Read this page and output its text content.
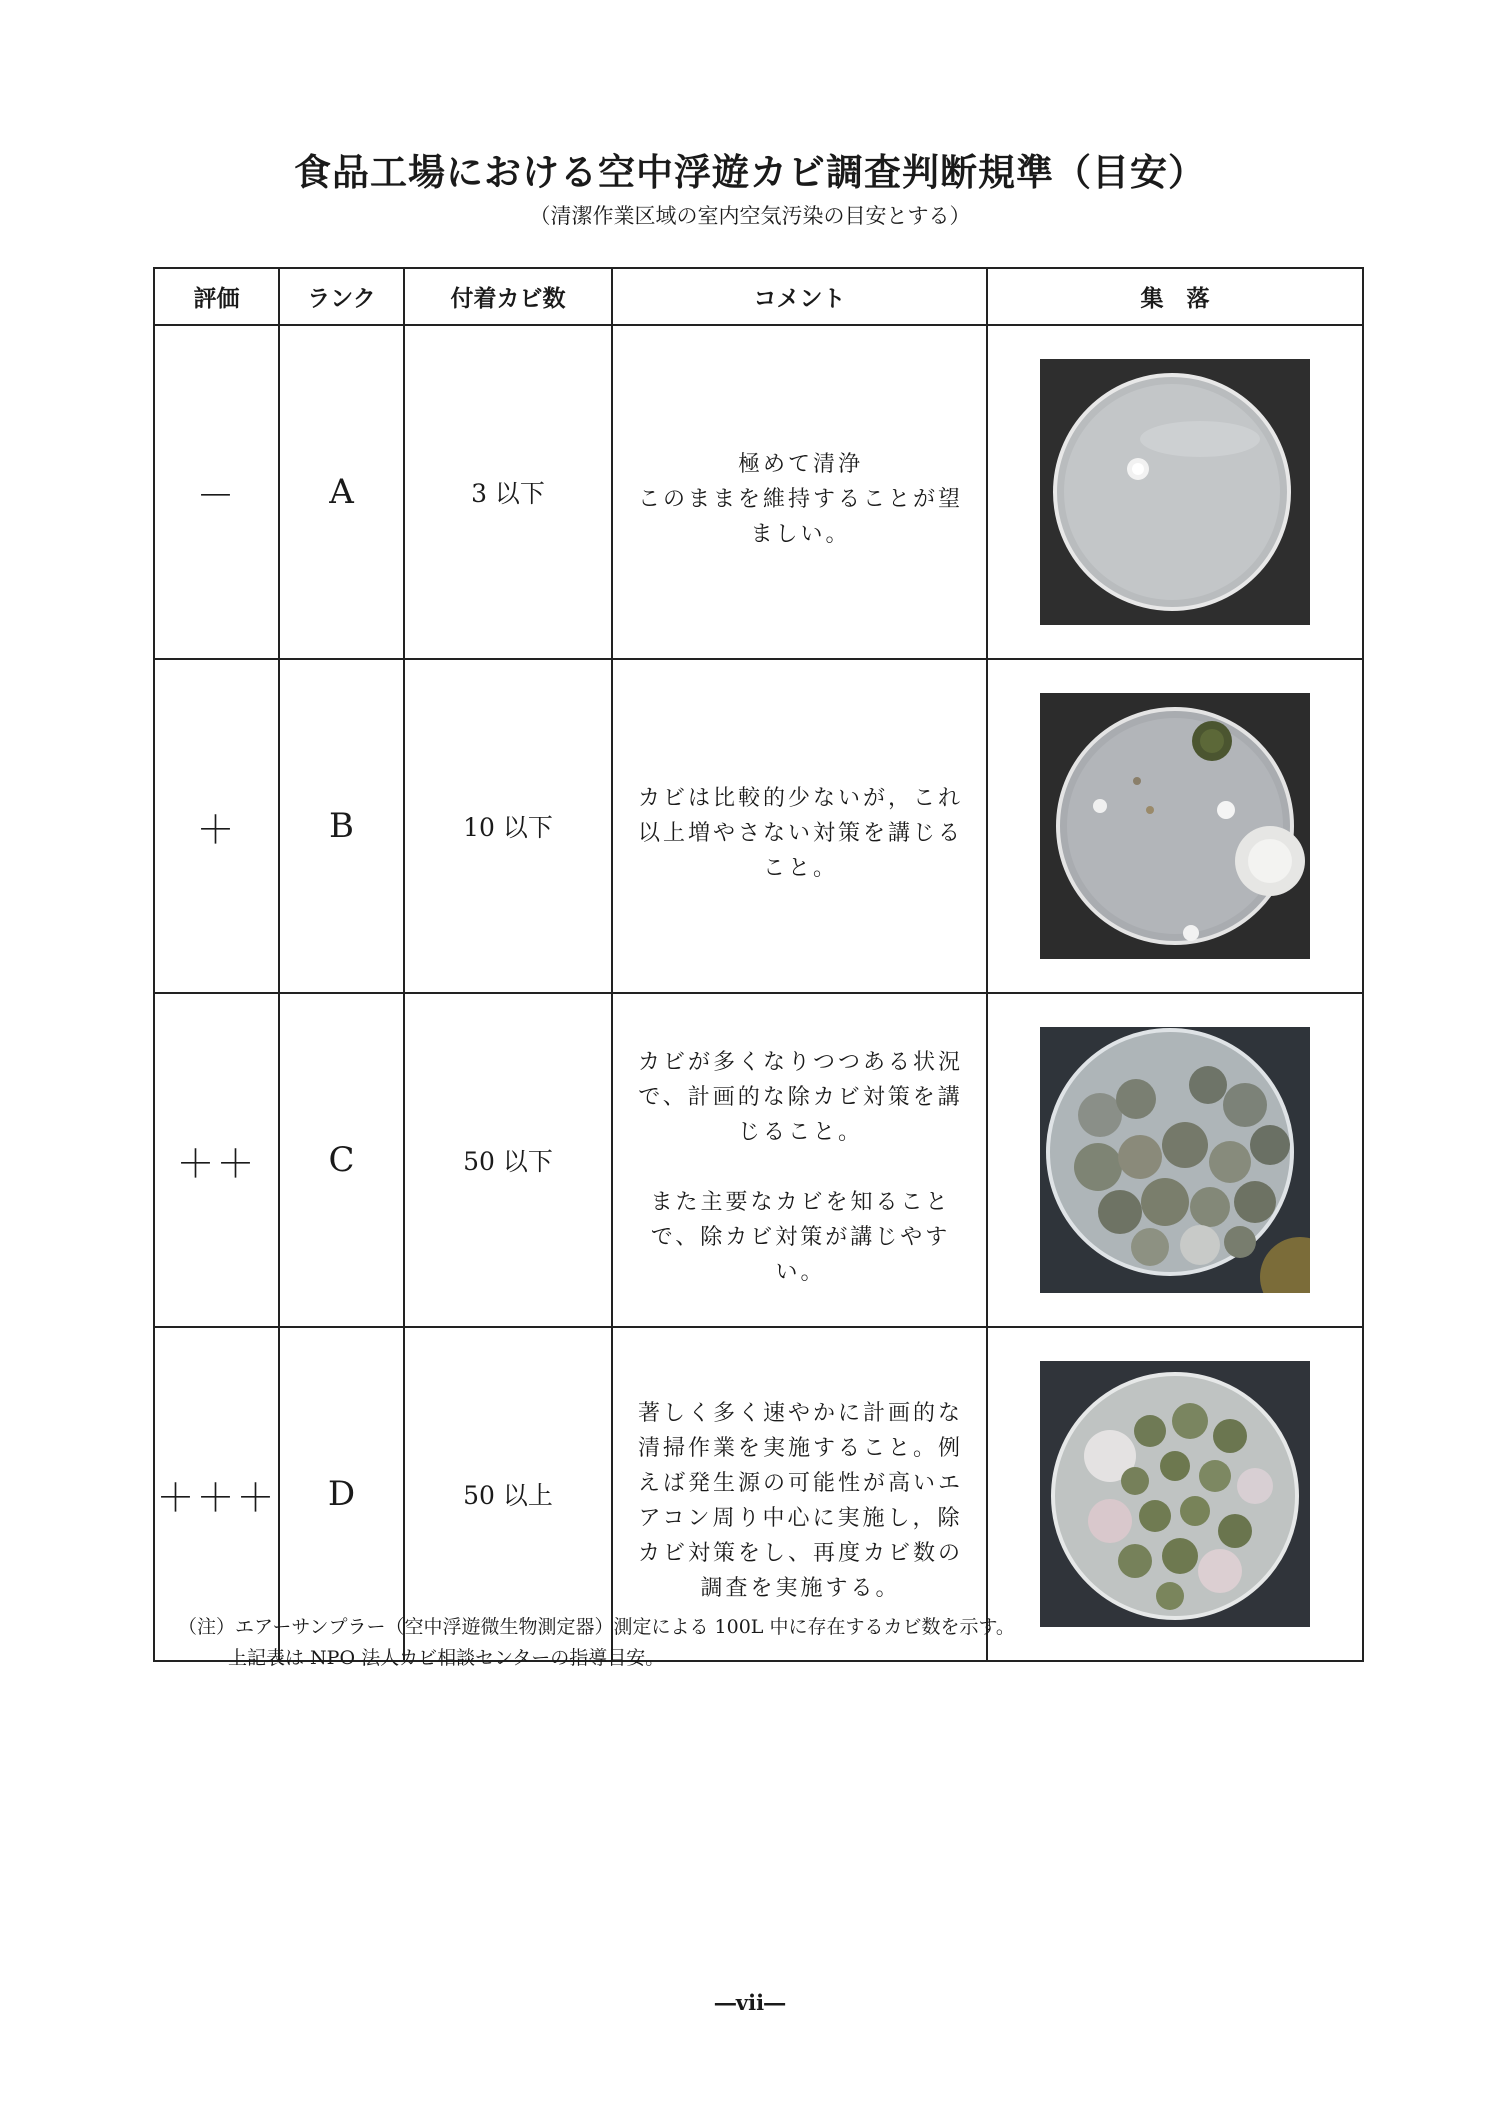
食品工場における空中浮遊カビ調査判断規準（目安）
（清潔作業区域の室内空気汚染の目安とする）
評価	ランク	付着カビ数	コメント	集　落
－	A	3 以下	極めて清浄
このままを維持することが望ましい。

＋	B	10 以下	カビは比較的少ないが，これ以上増やさない対策を講じること。

＋＋	C	50 以下	カビが多くなりつつある状況で、計画的な除カビ対策を講じること。

また主要なカビを知ることで、除カビ対策が講じやすい。

＋＋＋	D	50 以上	著しく多く速やかに計画的な清掃作業を実施すること。例えば発生源の可能性が高いエアコン周り中心に実施し，除カビ対策をし、再度カビ数の調査を実施する。

（注）エアーサンプラー（空中浮遊微生物測定器）測定による 100L 中に存在するカビ数を示す。
上記表は NPO 法人カビ相談センターの指導目安。
―vii―
